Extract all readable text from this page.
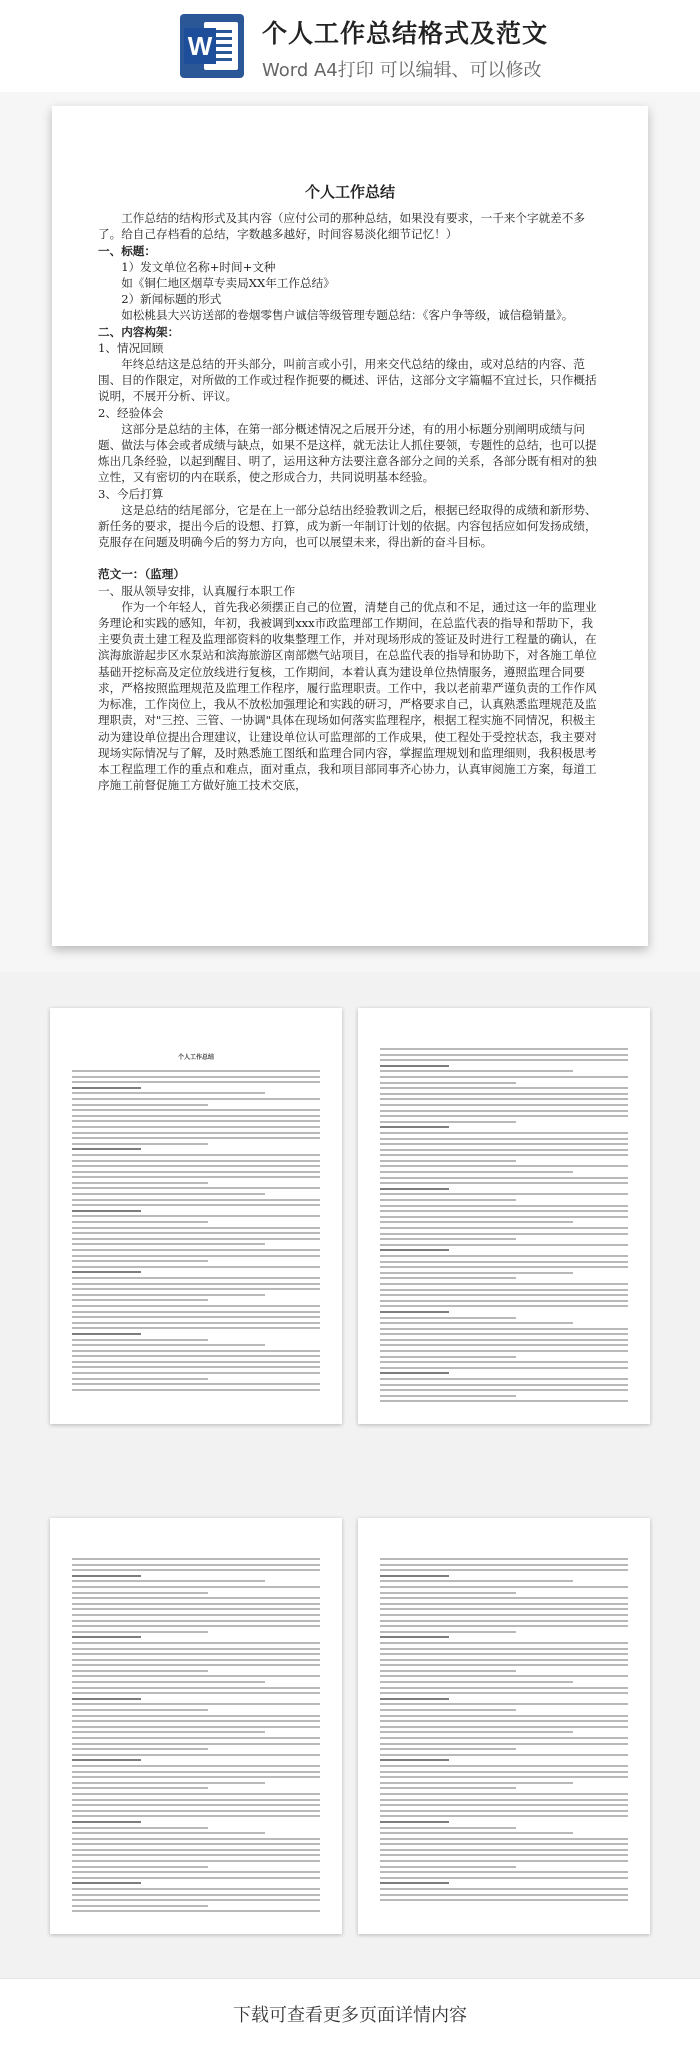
W 个人工作总结格式及范文
Word A4打印 可以编辑、可以修改
个人工作总结

工作总结的结构形式及其内容（应付公司的那种总结，如果没有要求，一千来个字就差不多了。给自己存档看的总结，字数越多越好，时间容易淡化细节记忆！）

一、标题：

1）发文单位名称+时间+文种

如《铜仁地区烟草专卖局XX年工作总结》

2）新闻标题的形式

如松桃县大兴访送部的卷烟零售户诚信等级管理专题总结：《客户争等级，诚信稳销量》。

二、内容构架：

1、情况回顾

年终总结这是总结的开头部分，叫前言或小引，用来交代总结的缘由，或对总结的内容、范围、目的作限定，对所做的工作或过程作扼要的概述、评估，这部分文字篇幅不宜过长，只作概括说明，不展开分析、评议。

2、经验体会

这部分是总结的主体，在第一部分概述情况之后展开分述，有的用小标题分别阐明成绩与问题、做法与体会或者成绩与缺点，如果不是这样，就无法让人抓住要领，专题性的总结，也可以提炼出几条经验，以起到醒目、明了，运用这种方法要注意各部分之间的关系，各部分既有相对的独立性，又有密切的内在联系，使之形成合力，共同说明基本经验。

3、今后打算

这是总结的结尾部分，它是在上一部分总结出经验教训之后，根据已经取得的成绩和新形势、新任务的要求，提出今后的设想、打算，成为新一年制订计划的依据。内容包括应如何发扬成绩，克服存在问题及明确今后的努力方向，也可以展望未来，得出新的奋斗目标。

范文一：（监理）

一、服从领导安排，认真履行本职工作

作为一个年轻人，首先我必须摆正自己的位置，清楚自己的优点和不足，通过这一年的监理业务理论和实践的感知，年初，我被调到xxx市政监理部工作期间，在总监代表的指导和帮助下，我主要负责土建工程及监理部资料的收集整理工作，并对现场形成的签证及时进行工程量的确认，在滨海旅游起步区水泵站和滨海旅游区南部燃气站项目，在总监代表的指导和协助下，对各施工单位基础开挖标高及定位放线进行复核，工作期间，本着认真为建设单位热情服务，遵照监理合同要求，严格按照监理规范及监理工作程序，履行监理职责。工作中，我以老前辈严谨负责的工作作风为标准，工作岗位上，我从不放松加强理论和实践的研习，严格要求自己，认真熟悉监理规范及监理职责，对"三控、三管、一协调"具体在现场如何落实监理程序，根据工程实施不同情况，积极主动为建设单位提出合理建议，让建设单位认可监理部的工作成果，使工程处于受控状态，我主要对现场实际情况与了解，及时熟悉施工图纸和监理合同内容，掌握监理规划和监理细则，我积极思考本工程监理工作的重点和难点，面对重点，我和项目部同事齐心协力，认真审阅施工方案，每道工序施工前督促施工方做好施工技术交底，

个人工作总结
下载可查看更多页面详情内容
